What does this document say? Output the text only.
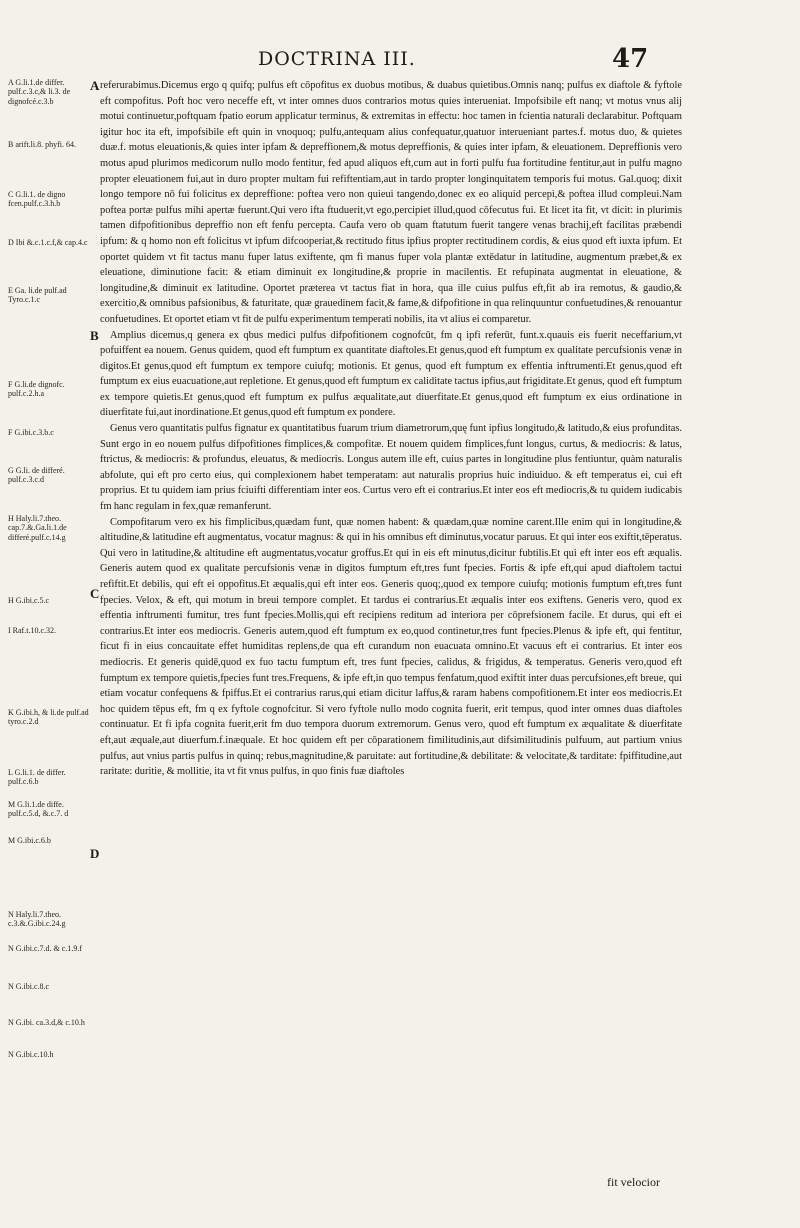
DOCTRINA III.	47
A G.li.1.de differ. pulf.c.3.c,& li.3. de dignofcé.c.3.b
B arift.li.8. phyfi. 64.
C G.li.1. de digno fcen.pulf.c.3.h.b
D Ibi &.c.1.c.f,& cap.4.c
E Ga. li.de pulf.ad Tyro.c.1.c
F G.li.de dignofc. pulf.c.2.h.a
F G.ibi.c.3.b.c
G G.li. de differé. pulf.c.3.c.d
H Haly.li.7.theo. cap.7.&.Ga.li.1.de differé.pulf.c.14.g
H G.ibi.c.5.c
I Raf.t.10.c.32.
K G.ibi.h, & li.de pulf.ad tyro.c.2.d
L G.li.1. de differ. pulf.c.6.b
M G.li.1.de diffe. pulf.c.5.d, &.c.7. d
M G.ibi.c.6.b
N Haly.li.7.theo. c.3.&.G.ibi.c.24.g
N G.ibi.c.7.d. & c.1.9.f
N G.ibi.c.8.c
N G.ibi. ca.3.d,& c.10.h
N G.ibi.c.10.h
A
B
C
D

referurabimus.Dicemus ergo q quifq; pulfus eft cōpofitus ex duobus motibus, & duabus quietibus.Omnis nanq; pulfus ex diaftole & fyftole eft compofitus. Poft hoc vero neceffe eft, vt inter omnes duos contrarios motus quies interueniat. Impofsibile eft nanq; vt motus vnus alij motui continuetur,poftquam fpatio eorum applicatur terminus, & extremitas in effectu: hoc tamen in fcientia naturali declarabitur. Poftquam igitur hoc ita eft, impofsibile eft quin in vnoquoq; pulfu,antequam alius confequatur,quatuor interueniant partes.f. motus duo, & quietes duæ.f. motus eleuationis,& quies inter ipfam & depreffionem,& motus depreffionis, & quies inter ipfam, & eleuationem. Depreffionis vero motus apud plurimos medicorum nullo modo fentitur, fed apud aliquos eft,cum aut in forti pulfu fua fortitudine fentitur,aut in pulfu magno propter eleuationem fui,aut in duro propter multam fui refiftentiam,aut in tardo propter longinquitatem temporis fui motus. Gal.quoq; dixit longo tempore nō fui folicitus ex depreffione: poftea vero non quieui tangendo,donec ex eo aliquid percepi,& poftea illud compleui.Nam poftea portæ pulfus mihi apertæ fuerunt.Qui vero ifta ftuduerit,vt ego,percipiet illud,quod cōfecutus fui. Et licet ita fit, vt dicit: in plurimis tamen difpofitionibus depreffio non eft fenfu percepta. Caufa vero ob quam ftatutum fuerit tangere venas brachij,eft facilitas præbendi ipfum: & q homo non eft folicitus vt ipfum difcooperiat,& rectitudo fitus ipfius propter rectitudinem cordis, & eius quod eft iuxta ipfum. Et oportet quidem vt fit tactus manu fuper latus exiftente, qm fi manus fuper vola plantæ extēdatur in latitudine, augmentum præbet,& ex eleuatione, diminutione facit: & etiam diminuit ex longitudine,& proprie in macilentis. Et refupinata augmentat in eleuatione, & longitudine,& diminuit ex latitudine. Oportet præterea vt tactus fiat in hora, qua ille cuius pulfus eft,fit ab ira remotus, & gaudio,& exercitio,& omnibus pafsionibus, & faturitate, quæ grauedinem facit,& fame,& difpofitione in qua relinquuntur confuetudines,& renouantur confuetudines. Et oportet etiam vt fit de pulfu experimentum temperati nobilis, ita vt alius ei comparetur.

Amplius dicemus,q genera ex qbus medici pulfus difpofitionem cognofcūt, fm q ipfi referūt, funt.x.quauis eis fuerit neceffarium,vt pofuiffent ea nouem. Genus quidem, quod eft fumptum ex quantitate diaftoles.Et genus,quod eft fumptum ex qualitate percufsionis venæ in digitos.Et genus,quod eft fumptum ex tempore cuiufq; motionis. Et genus, quod eft fumptum ex effentia inftrumenti.Et genus,quod eft fumptum ex eius euacuatione,aut repletione. Et genus,quod eft fumptum ex caliditate tactus ipfius,aut frigiditate.Et genus, quod eft fumptum ex tempore quietis.Et genus,quod eft fumptum ex pulfus æqualitate,aut diuerfitate.Et genus,quod eft fumptum ex eius ordinatione in diuerfitate fui,aut inordinatione.Et genus,quod eft fumptum ex pondere.

Genus vero quantitatis pulfus fignatur ex quantitatibus fuarum trium diametrorum,quę funt ipfius longitudo,& latitudo,& eius profunditas. Sunt ergo in eo nouem pulfus difpofitiones fimplices,& compofitæ. Et nouem quidem fimplices,funt longus, curtus, & mediocris: & latus, ftrictus, & mediocris: & profundus, eleuatus, & mediocris. Longus autem ille eft, cuius partes in longitudine plus fentiuntur, quàm naturalis abfolute, qui eft pro certo eius, qui complexionem habet temperatam: aut naturalis proprius huic indiuiduo. & eft temperatus ei, cui eft proprius. Et tu quidem iam prius fciuifti differentiam inter eos. Curtus vero eft ei contrarius.Et inter eos eft mediocris,& tu quidem iudicabis fm hanc regulam in fex,quæ remanferunt.

Compofitarum vero ex his fimplicibus,quædam funt, quæ nomen habent: & quædam,quæ nomine carent.Ille enim qui in longitudine,& altitudine,& latitudine eft augmentatus, vocatur magnus: & qui in his omnibus eft diminutus,vocatur paruus. Et qui inter eos exiftit,tēperatus. Qui vero in latitudine,& altitudine eft augmentatus,vocatur groffus.Et qui in eis eft minutus,dicitur fubtilis.Et qui eft inter eos eft æqualis. Generis autem quod ex qualitate percufsionis venæ in digitos fumptum eft,tres funt fpecies. Fortis & ipfe eft,qui apud diaftolem tactui refiftit.Et debilis, qui eft ei oppofitus.Et æqualis,qui eft inter eos. Generis quoq;,quod ex tempore cuiufq; motionis fumptum eft,tres funt fpecies. Velox, & eft, qui motum in breui tempore complet. Et tardus ei contrarius.Et æqualis inter eos exiftens. Generis vero, quod ex effentia inftrumenti fumitur, tres funt fpecies.Mollis,qui eft recipiens reditum ad interiora per cōprefsionem facile. Et durus, qui eft ei contrarius.Et inter eos mediocris. Generis autem,quod eft fumptum ex eo,quod continetur,tres funt fpecies.Plenus & ipfe eft, qui fentitur, ficut fi in eius concauitate effet humiditas replens,de qua eft curandum non euacuata omnino.Et vacuus eft ei contrarius. Et inter eos mediocris. Et generis quidē,quod ex fuo tactu fumptum eft, tres funt fpecies, calidus, & frigidus, & temperatus. Generis vero,quod eft fumptum ex tempore quietis,fpecies funt tres.Frequens, & ipfe eft,in quo tempus fenfatum,quod exiftit inter duas percufsiones,eft breue, qui etiam vocatur confequens & fpiffus.Et ei contrarius rarus,qui etiam dicitur laffus,& raram habens compofitionem.Et inter eos mediocris.Et hoc quidem tēpus eft, fm q ex fyftole cognofcitur. Si vero fyftole nullo modo cognita fuerit, erit tempus, quod inter omnes duas diaftoles continuatur. Et fi ipfa cognita fuerit,erit fm duo tempora duorum extremorum. Genus vero, quod eft fumptum ex æqualitate & diuerfitate eft,aut æquale,aut diuerfum.f.inæquale. Et hoc quidem eft per cōparationem fimilitudinis,aut difsimilitudinis pulfuum, aut partium vnius pulfus, aut vnius partis pulfus in quinq; rebus,magnitudine,& paruitate: aut fortitudine,& debilitate: & velocitate,& tarditate: fpiffitudine,aut raritate: duritie, & mollitie, ita vt fit vnus pulfus, in quo finis fuæ diaftoles

fit velocior
